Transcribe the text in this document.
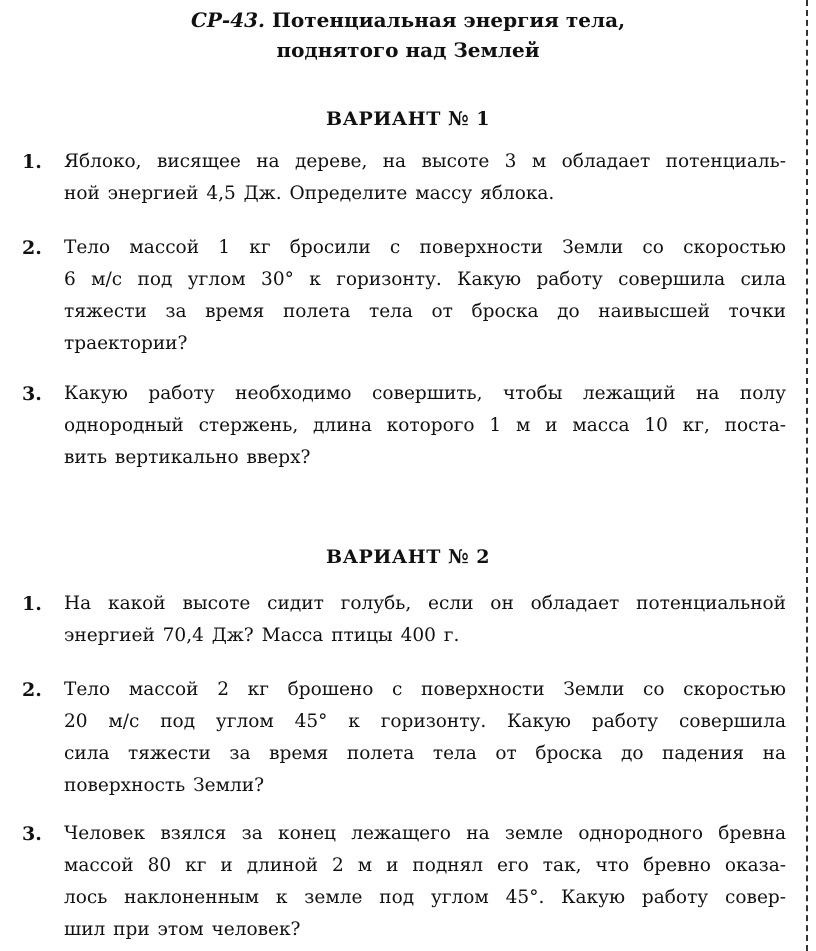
СР-43. Потенциальная энергия тела,
поднятого над Землей
ВАРИАНТ № 1
1. Яблоко, висящее на дереве, на высоте 3 м обладает потенциаль-
ной энергией 4,5 Дж. Определите массу яблока.
2. Тело массой 1 кг бросили с поверхности Земли со скоростью
6 м/с под углом 30° к горизонту. Какую работу совершила сила
тяжести за время полета тела от броска до наивысшей точки
траектории?
3. Какую работу необходимо совершить, чтобы лежащий на полу
однородный стержень, длина которого 1 м и масса 10 кг, поста-
вить вертикально вверх?
ВАРИАНТ № 2
1. На какой высоте сидит голубь, если он обладает потенциальной
энергией 70,4 Дж? Масса птицы 400 г.
2. Тело массой 2 кг брошено с поверхности Земли со скоростью
20 м/с под углом 45° к горизонту. Какую работу совершила
сила тяжести за время полета тела от броска до падения на
поверхность Земли?
3. Человек взялся за конец лежащего на земле однородного бревна
массой 80 кг и длиной 2 м и поднял его так, что бревно оказа-
лось наклоненным к земле под углом 45°. Какую работу совер-
шил при этом человек?
